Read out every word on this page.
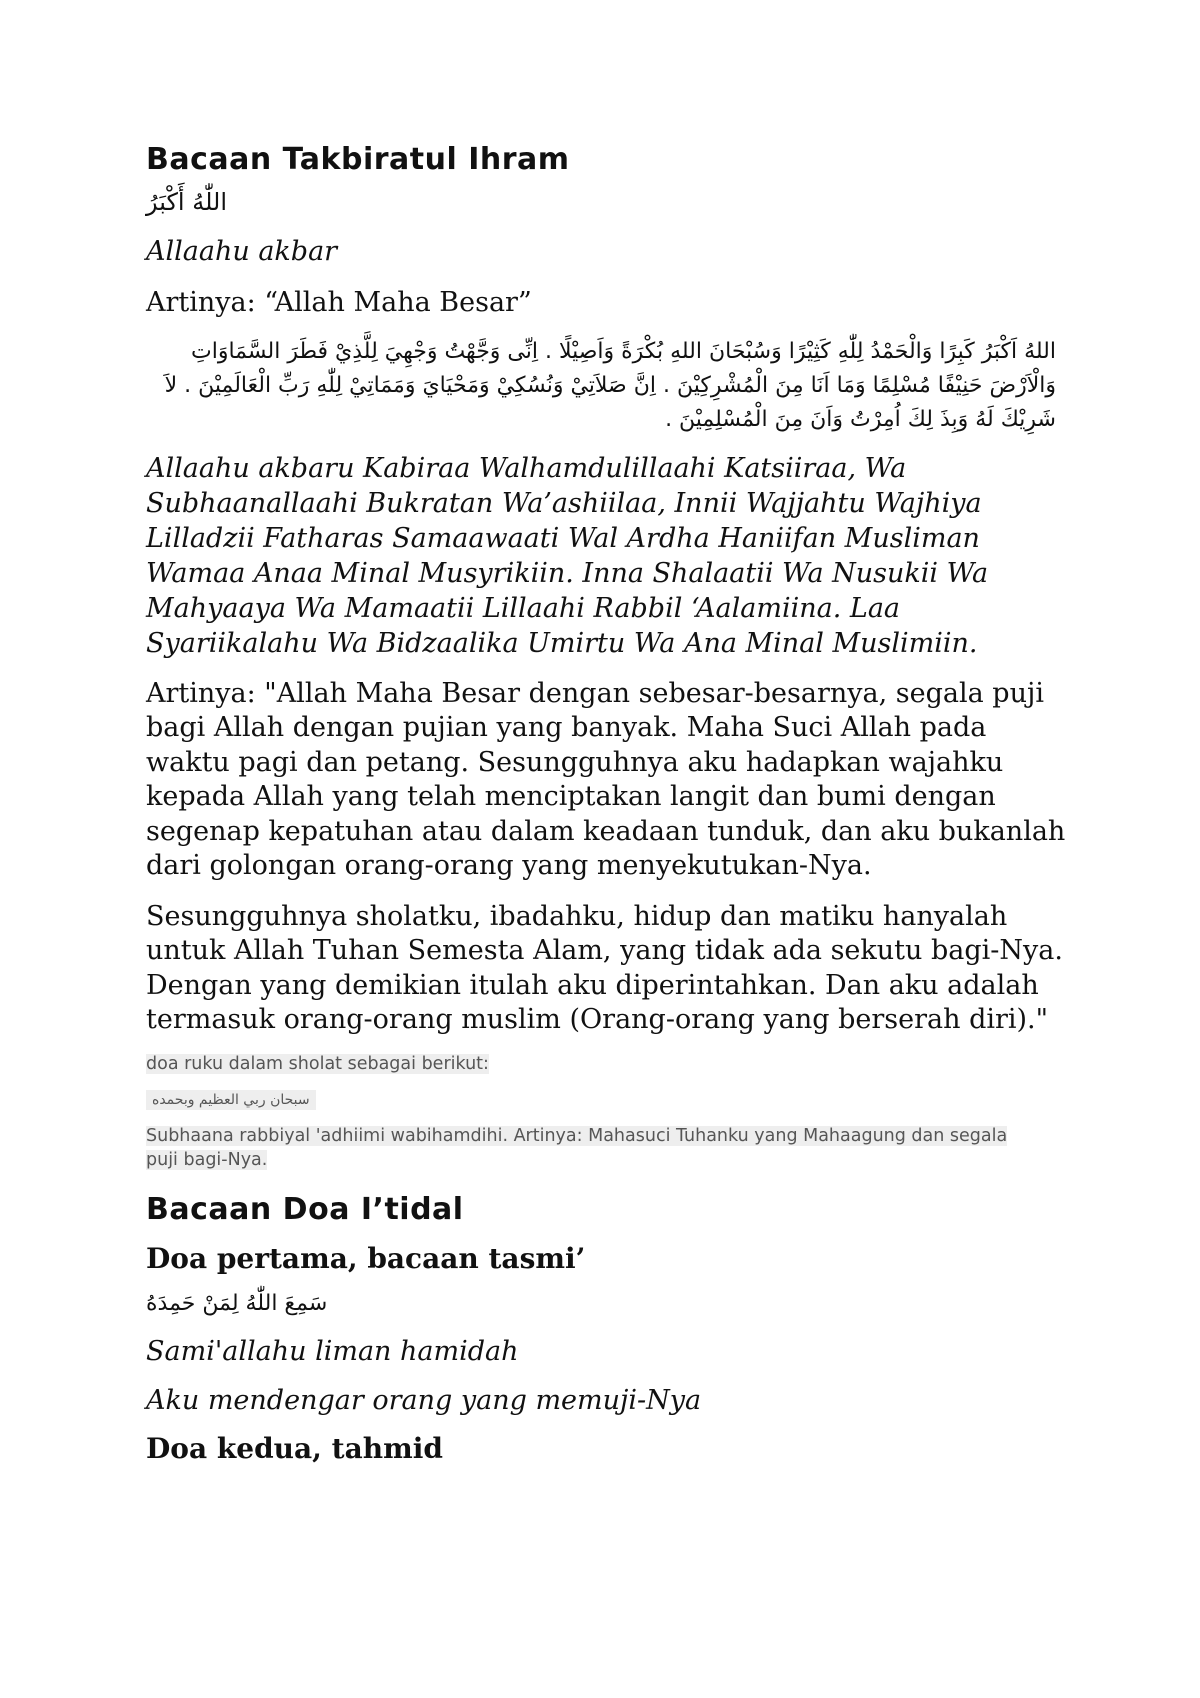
Bacaan Takbiratul Ihram

اللّٰهُ أَكْبَرُ

Allaahu akbar

Artinya: “Allah Maha Besar”

اللهُ اَكْبَرُ كَبِرًا وَالْحَمْدُ لِلّٰهِ كَثِيْرًا وَسُبْحَانَ اللهِ بُكْرَةً وَاَصِيْلًا . اِنِّى وَجَّهْتُ وَجْهِيَ لِلَّذِيْ فَطَرَ السَّمَاوَاتِ وَالْاَرْضَ حَنِيْفًا مُسْلِمًا وَمَا اَنَا مِنَ الْمُشْرِكِيْنَ . اِنَّ صَلاَتِيْ وَنُسُكِيْ وَمَحْيَايَ وَمَمَاتِيْ لِلّٰهِ رَبِّ الْعَالَمِيْنَ . لاَ شَرِيْكَ لَهُ وَبِذَ لِكَ اُمِرْتُ وَاَنَ مِنَ الْمُسْلِمِيْنَ .

Allaahu akbaru Kabiraa Walhamdulillaahi Katsiiraa, Wa Subhaanallaahi Bukratan Wa’ashiilaa, Innii Wajjahtu Wajhiya Lilladzii Fatharas Samaawaati Wal Ardha Haniifan Musliman Wamaa Anaa Minal Musyrikiin. Inna Shalaatii Wa Nusukii Wa Mahyaaya Wa Mamaatii Lillaahi Rabbil ‘Aalamiina. Laa Syariikalahu Wa Bidzaalika Umirtu Wa Ana Minal Muslimiin.

Artinya: "Allah Maha Besar dengan sebesar-besarnya, segala puji bagi Allah dengan pujian yang banyak. Maha Suci Allah pada waktu pagi dan petang. Sesungguhnya aku hadapkan wajahku kepada Allah yang telah menciptakan langit dan bumi dengan segenap kepatuhan atau dalam keadaan tunduk, dan aku bukanlah dari golongan orang-orang yang menyekutukan-Nya.

Sesungguhnya sholatku, ibadahku, hidup dan matiku hanyalah untuk Allah Tuhan Semesta Alam, yang tidak ada sekutu bagi-Nya. Dengan yang demikian itulah aku diperintahkan. Dan aku adalah termasuk orang-orang muslim (Orang-orang yang berserah diri)."

doa ruku dalam sholat sebagai berikut:

سبحان ربي العظيم وبحمده

Subhaana rabbiyal 'adhiimi wabihamdihi. Artinya: Mahasuci Tuhanku yang Mahaagung dan segala puji bagi-Nya.

Bacaan Doa I’tidal
Doa pertama, bacaan tasmi’

سَمِعَ اللّٰهُ لِمَنْ حَمِدَهُ

Sami'allahu liman hamidah

Aku mendengar orang yang memuji-Nya

Doa kedua, tahmid
